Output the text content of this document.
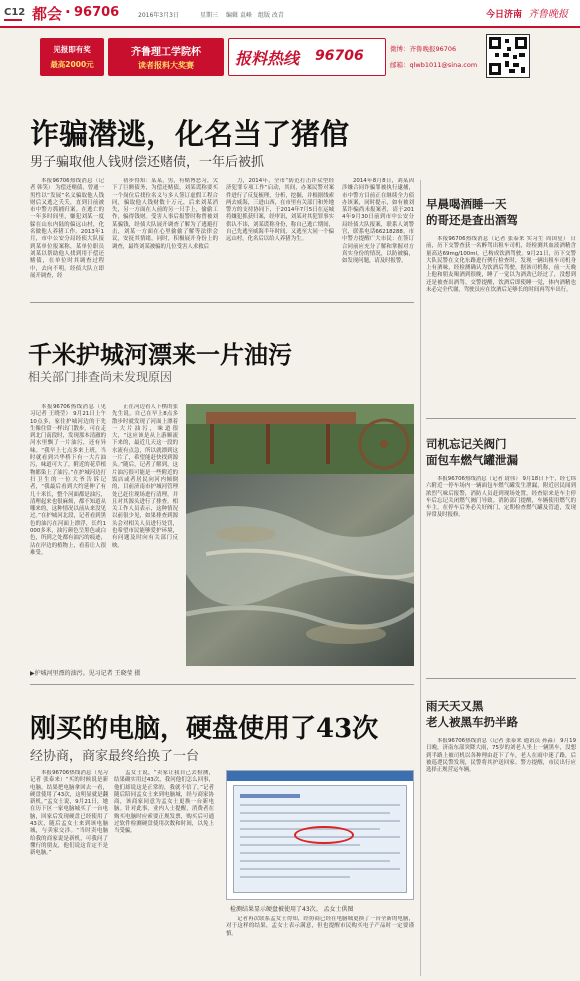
C12 都会 · 96706	2016年3月3日	星期三 编辑 袁峰 组版 改青	今日济南 齐鲁晚报
见报即有奖
最高2000元
齐鲁理工学院杯
读者报料大奖赛	报料热线 96706	微博：齐鲁晚报96706
邮箱：qlwb1011@sina.com
诈骗潜逃，化名当了猪倌
男子骗取他人钱财偿还赌债，一年后被抓

本报96706热线消息（记者 韩笑） 为偿还赌债，曾通一男性以“发展”名义骗取他人钱财后又逃之夭夭，直到日前被市中警方抓捕归案。在逃亡的一年多时间里，嫌犯刘某一度躲在山东内陆的偏远山村，化名做他人养猪工作。2013年1月，市中公安分局经侦大队接到某单位报案称，某单位职员刘某以帮助他人找到用于偿还赌债，在单位时其调查过程中，去向不明。经侦大队立即展开调查，经

初步得知：某某，男，有赌博恶习，欠下了巨额债务，为偿还赌债，刘某谎称要买一个岗位后找位名义与多人签订虚假工程合同，骗取他人钱财数十万元，后来刘某消失，另一方面在人前的另一只手上，偷偷工作，骗得钱财。受害人事后报警时称曾被刘某骗钱，经侦大队展开调查了解为了逃避打击，刘某一方面在心里偷偷了解等法律会议，安抚其情绪，同时，积极展开身份上的调查，最终刘某被骗的几位受害人求救后

力，2014年，全市“防范打击诈众型经济犯罪专项工作”启动，其间，办案民警对案件进行了反复梳理，分析，挖掘，并根据线索两去威海，三进山西，在市里有关部门和外地警方的支持协同下，于2014年7月5日在运城将嫌犯抓获归案，经审讯，刘某对其犯罪事实供认不讳，刘某谎称身份，称自己逃亡期间，自己先逃至威海半年时间，又逃至大同一个偏远山村，化名后以给人养猪为生。

2014年8月8日，刘某因涉嫌合同诈骗罪被执行逮捕，市中警方目前正在继续全力侦办该案，同时提示，如有被刘某诈骗尚未报案者，请于2014年9月30日前到市中公安分局经侦大队报案，联系人刘警官，联系电话66218288。市中警方提醒广大市民：在签订合同前应充分了解和掌握对方真实身份的情况，以防被骗，如发现问题，请及时报警。

千米护城河漂来一片油污
相关部门排查尚未发现原因

本报96706热线消息（见习记者 王晓莹） 9月21日上午10点多，家住护城河边的于先生像往常一样出门散步，可在走到北门南段时，发现那本清澈的河水里飘了一片油污，还有异味。“我早上七点多来上班，当时就看到兴华桥下有一大片油污，味道可大了，附近的花草植物都染上了油污。”在护城河边打扫卫生的一位大爷告诉记者，“我最后看到大约延伸了有几十米长，整个河面都是油污，清理起来也很麻烦，都不知道从哪来的，这种情况以前从来没见过。”在护城河北段，记者看到黑色的油污在河面上漂浮，长约1000多米，油污颜色呈黑色或白色，所到之处都有油污的痕迹，沾在岸边的植物上，看着让人很难受。

正在河边看人下棋的张先生说，自己在早上8点多散步时就发现了河面上漂着一大片油污，味道很大，“这应该是从上游顺流下来的，最近几天这一段的水流有点急，所以就漂到这一片了，希望能赶快找到源头。”随后，记者了解到，这片油污很可能是一些附近的饭店或者居民向河内倾倒的，目前济南市护城河管理处已赶往现场进行清理，并且对其源头进行了排查。相关工作人员表示，这种情况以前很少见，如果排查到源头会对相关人员进行处罚，也希望市民能够爱护环境，有问题及时向有关部门反映。

▶护城河里漂的油污。见习记者 王晓莹 摄
刚买的电脑，硬盘使用了43次
经协商，商家最终给换了一台

本报96706热线消息（见习记者 张泰来）“买的时候说是新电脑，结果把电脑拿回去一看，硬盘使用了43次，这明显就是翻新机。”孟女士说，9月21日，她在历下区一家电脑城买了一台电脑，回家后发现硬盘已经使用了43次，随后孟女士来到该电脑城，与卖家交涉。“当时卖电脑给我的商家说是新机，可我问了懂行的朋友，他们说这肯定不是新电脑。”

孟女士说，“卖家让我自己去检测，结果确实用过43次，我问他们怎么回事，他们却说这是正常的，我就不信了。”记者随后陪同孟女士来到电脑城，经与商家协商，该商家同意为孟女士更换一台新电脑。针对此事，业内人士提醒，消费者在购买电脑时应索要正规发票，购买后可通过软件检测硬盘使用次数和时间，以免上当受骗。

检测结果显示硬盘被使用了43次。 孟女士供图

记者再次联系孟女士得知，经协商已经在电脑城更换了一台全新的电脑，对于这样的结果，孟女士表示满意，但也提醒市民购买电子产品时一定要谨慎。

早晨喝酒睡一天
的哥还是查出酒驾

本报96706热线消息（记者 张泰来 实习生 周国星） 日前，历下交警查获一名醉驾出租车司机，经检测其血液酒精含量高达69mg/100ml，已构成饮酒驾驶。9月21日，历下交警大队民警在文化东路进行例行检查时，发现一辆出租车司机身上有酒味，经检测确认为饮酒后驾驶。据该司机称，前一天晚上他和朋友喝酒到很晚，睡了一觉以为酒劲已经过了，没想到还是被查出酒驾。交警提醒，饮酒后即使睡一觉，体内酒精也未必完全代谢，驾驶员应在饮酒后足够长的时间再驾车出行。

司机忘记关阀门
面包车燃气罐泄漏

本报96706热线消息（记者 尉伟） 9月18日下午，经七纬六附近一停车场内一辆面包车燃气罐发生泄漏，附近居民闻到浓烈气味后报警，消防人员赶到现场处置，经查原来是车主停车后忘记关闭燃气阀门导致。消防部门提醒，车辆使用燃气的车主，在停车后务必关好阀门，定期检查燃气罐及管道，发现异常及时报修。

雨天天又黑
老人被黑车扔半路

本报96706热线消息（记者 张泰来 通讯员 孙淼） 9月19日晚，济南东部突降大雨，75岁的刘老人坐上一辆黑车，没想到半路上被司机以各种理由赶下了车，老人在雨中迷了路，后被巡逻民警发现，民警将其护送回家。警方提醒，市民出行应选择正规营运车辆。
